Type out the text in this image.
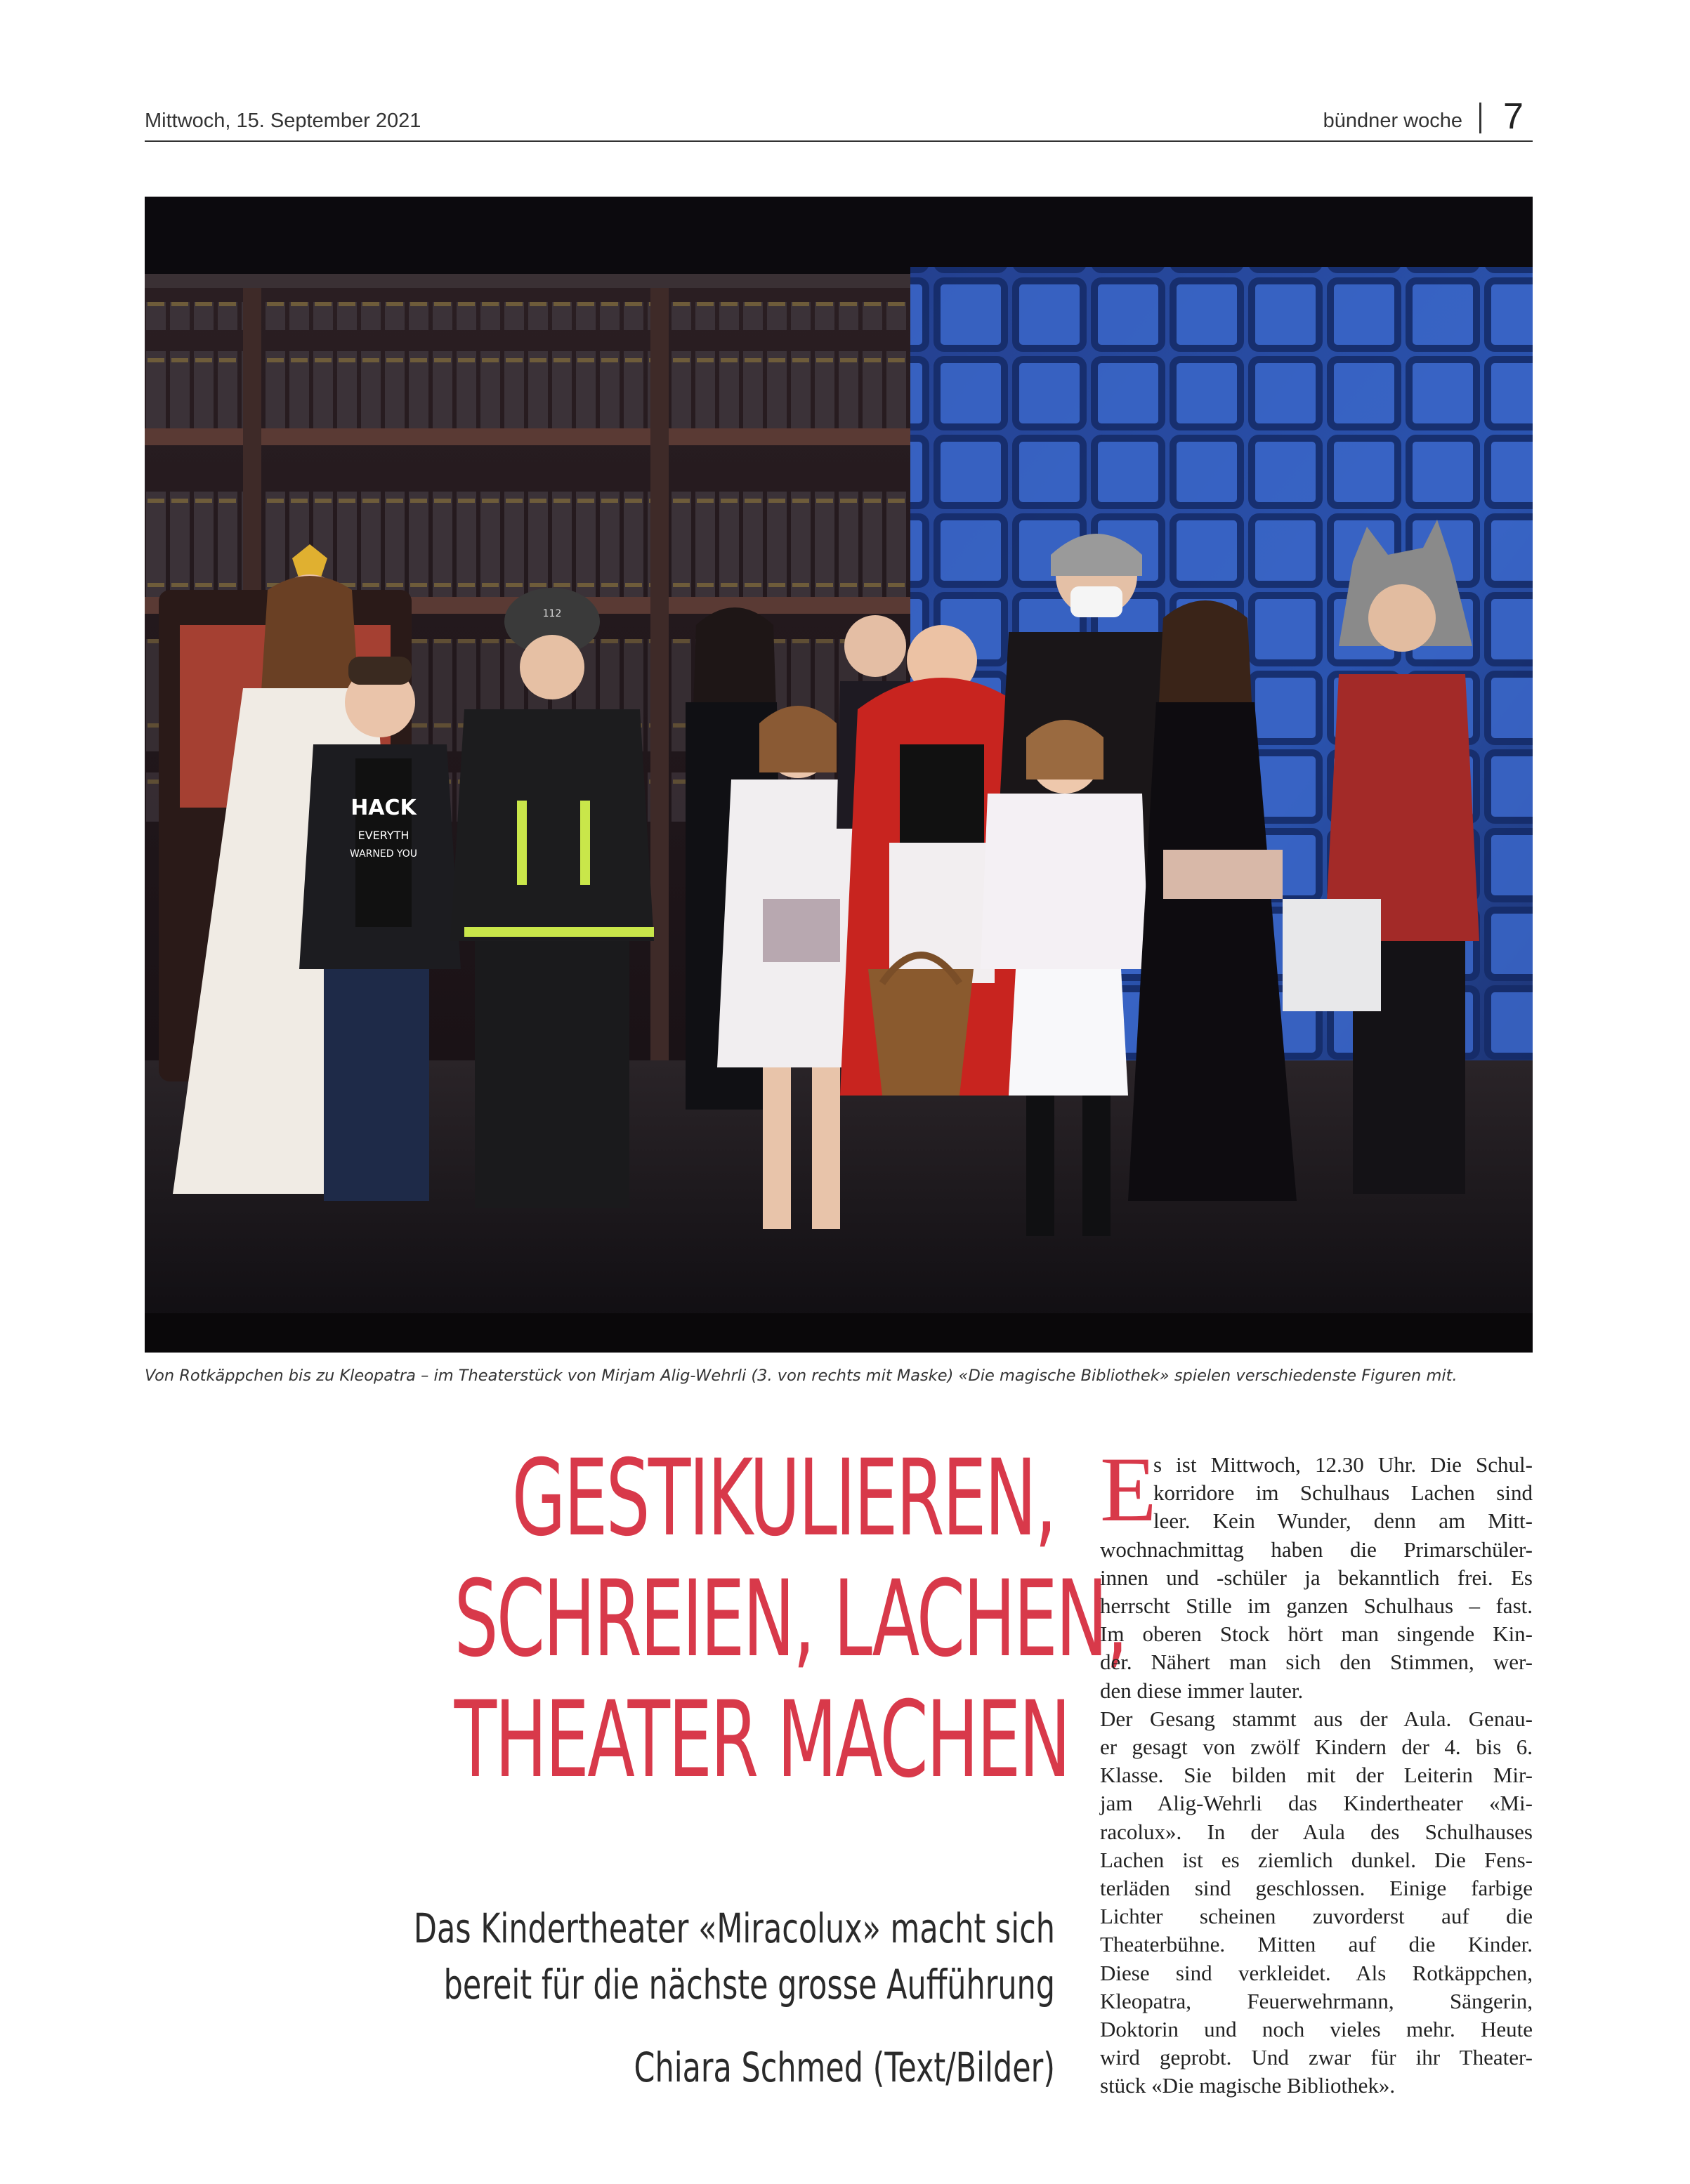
Mittwoch, 15. September 2021	bündner woche 7
HACK
EVERYTH
WARNED YOU
112
Von Rotkäppchen bis zu Kleopatra – im Theaterstück von Mirjam Alig-Wehrli (3. von rechts mit Maske) «Die magische Bibliothek» spielen verschiedenste Figuren mit.
GESTIKULIEREN,
SCHREIEN, LACHEN,
THEATER MACHEN
Das Kindertheater «Miracolux» macht sich
bereit für die nächste grosse Aufführung
Chiara Schmed (Text/Bilder)
E
s ist Mittwoch, 12.30 Uhr. Die Schul-
korridore im Schulhaus Lachen sind
leer. Kein Wunder, denn am Mitt-
wochnachmittag haben die Primarschüler-
innen und -schüler ja bekanntlich frei. Es
herrscht Stille im ganzen Schulhaus – fast.
Im oberen Stock hört man singende Kin-
der. Nähert man sich den Stimmen, wer-
den diese immer lauter.
Der Gesang stammt aus der Aula. Genau-
er gesagt von zwölf Kindern der 4. bis 6.
Klasse. Sie bilden mit der Leiterin Mir-
jam Alig-Wehrli das Kindertheater «Mi-
racolux». In der Aula des Schulhauses
Lachen ist es ziemlich dunkel. Die Fens-
terläden sind geschlossen. Einige farbige
Lichter scheinen zuvorderst auf die
Theaterbühne. Mitten auf die Kinder.
Diese sind verkleidet. Als Rotkäppchen,
Kleopatra, Feuerwehrmann, Sängerin,
Doktorin und noch vieles mehr. Heute
wird geprobt. Und zwar für ihr Theater-
stück «Die magische Bibliothek».
